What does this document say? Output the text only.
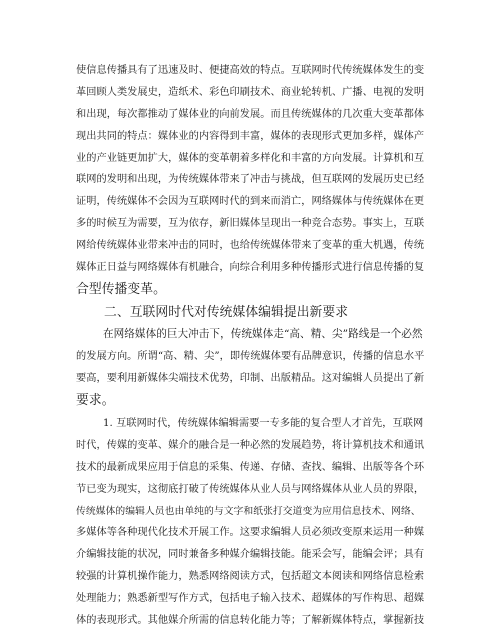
使信息传播具有了迅速及时、便捷高效的特点。互联网时代传统媒体发生的变
革回顾人类发展史，造纸术、彩色印刷技术、商业轮转机、广播、电视的发明
和出现，每次都推动了媒体业的向前发展。而且传统媒体的几次重大变革都体
现出共同的特点：媒体业的内容得到丰富，媒体的表现形式更加多样，媒体产
业的产业链更加扩大，媒体的变革朝着多样化和丰富的方向发展。计算机和互
联网的发明和出现，为传统媒体带来了冲击与挑战，但互联网的发展历史已经
证明，传统媒体不会因为互联网时代的到来而消亡，网络媒体与传统媒体在更
多的时候互为需要，互为依存，新旧媒体呈现出一种竞合态势。事实上，互联
网给传统媒体业带来冲击的同时，也给传统媒体带来了变革的重大机遇，传统
媒体正日益与网络媒体有机融合，向综合利用多种传播形式进行信息传播的复
合型传播变革。
二、互联网时代对传统媒体编辑提出新要求
在网络媒体的巨大冲击下，传统媒体走“高、精、尖”路线是一个必然
的发展方向。所谓“高、精、尖”，即传统媒体要有品牌意识，传播的信息水平
要高，要利用新媒体尖端技术优势，印制、出版精品。这对编辑人员提出了新
要求。
1. 互联网时代，传统媒体编辑需要一专多能的复合型人才首先，互联网
时代，传媒的变革、媒介的融合是一种必然的发展趋势，将计算机技术和通讯
技术的最新成果应用于信息的采集、传递、存储、查找、编辑、出版等各个环
节已变为现实，这彻底打破了传统媒体从业人员与网络媒体从业人员的界限，
传统媒体的编辑人员也由单纯的与文字和纸张打交道变为应用信息技术、网络、
多媒体等各种现代化技术开展工作。这要求编辑人员必须改变原来运用一种媒
介编辑技能的状况，同时兼备多种媒介编辑技能。能采会写，能编会评；具有
较强的计算机操作能力，熟悉网络阅读方式，包括超文本阅读和网络信息检索
处理能力；熟悉新型写作方式，包括电子输入技术、超媒体的写作构思、超媒
体的表现形式。其他媒介所需的信息转化能力等；了解新媒体特点，掌握新技
